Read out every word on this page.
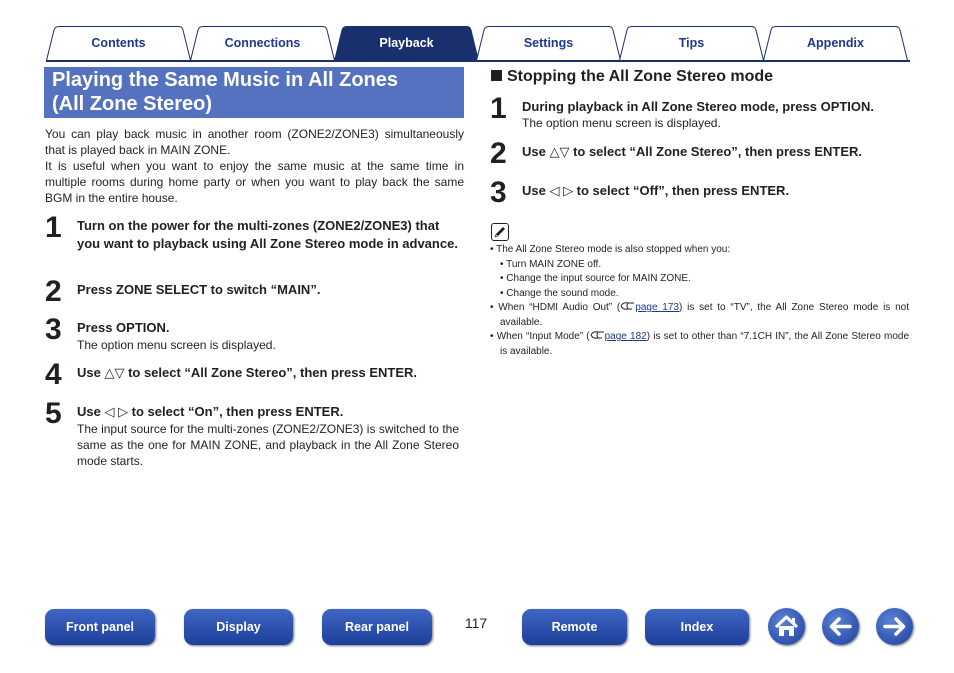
Contents	Connections	Playback	Settings	Tips	Appendix
Playing the Same Music in All Zones
(All Zone Stereo)

You can play back music in another room (ZONE2/ZONE3) simultaneously that is played back in MAIN ZONE.

It is useful when you want to enjoy the same music at the same time in multiple rooms during home party or when you want to play back the same BGM in the entire house.

1 Turn on the power for the multi-zones (ZONE2/ZONE3) that you want to playback using All Zone Stereo mode in advance.
2 Press ZONE SELECT to switch “MAIN”.
3 Press OPTION.
The option menu screen is displayed.
4 Use △▽ to select “All Zone Stereo”, then press ENTER.
5 Use ◁ ▷ to select “On”, then press ENTER.
The input source for the multi-zones (ZONE2/ZONE3) is switched to the same as the one for MAIN ZONE, and playback in the All Zone Stereo mode starts.
Stopping the All Zone Stereo mode
1 During playback in All Zone Stereo mode, press OPTION.
The option menu screen is displayed.
2 Use △▽ to select “All Zone Stereo”, then press ENTER.
3 Use ◁ ▷ to select “Off”, then press ENTER.
• The All Zone Stereo mode is also stopped when you:
• Turn MAIN ZONE off.
• Change the input source for MAIN ZONE.
• Change the sound mode.
• When “HDMI Audio Out” ( page 173) is set to “TV”, the All Zone Stereo mode is not available.
• When “Input Mode” ( page 182) is set to other than “7.1CH IN”, the All Zone Stereo mode is available.
Front panel	Display	Rear panel	117	Remote	Index
